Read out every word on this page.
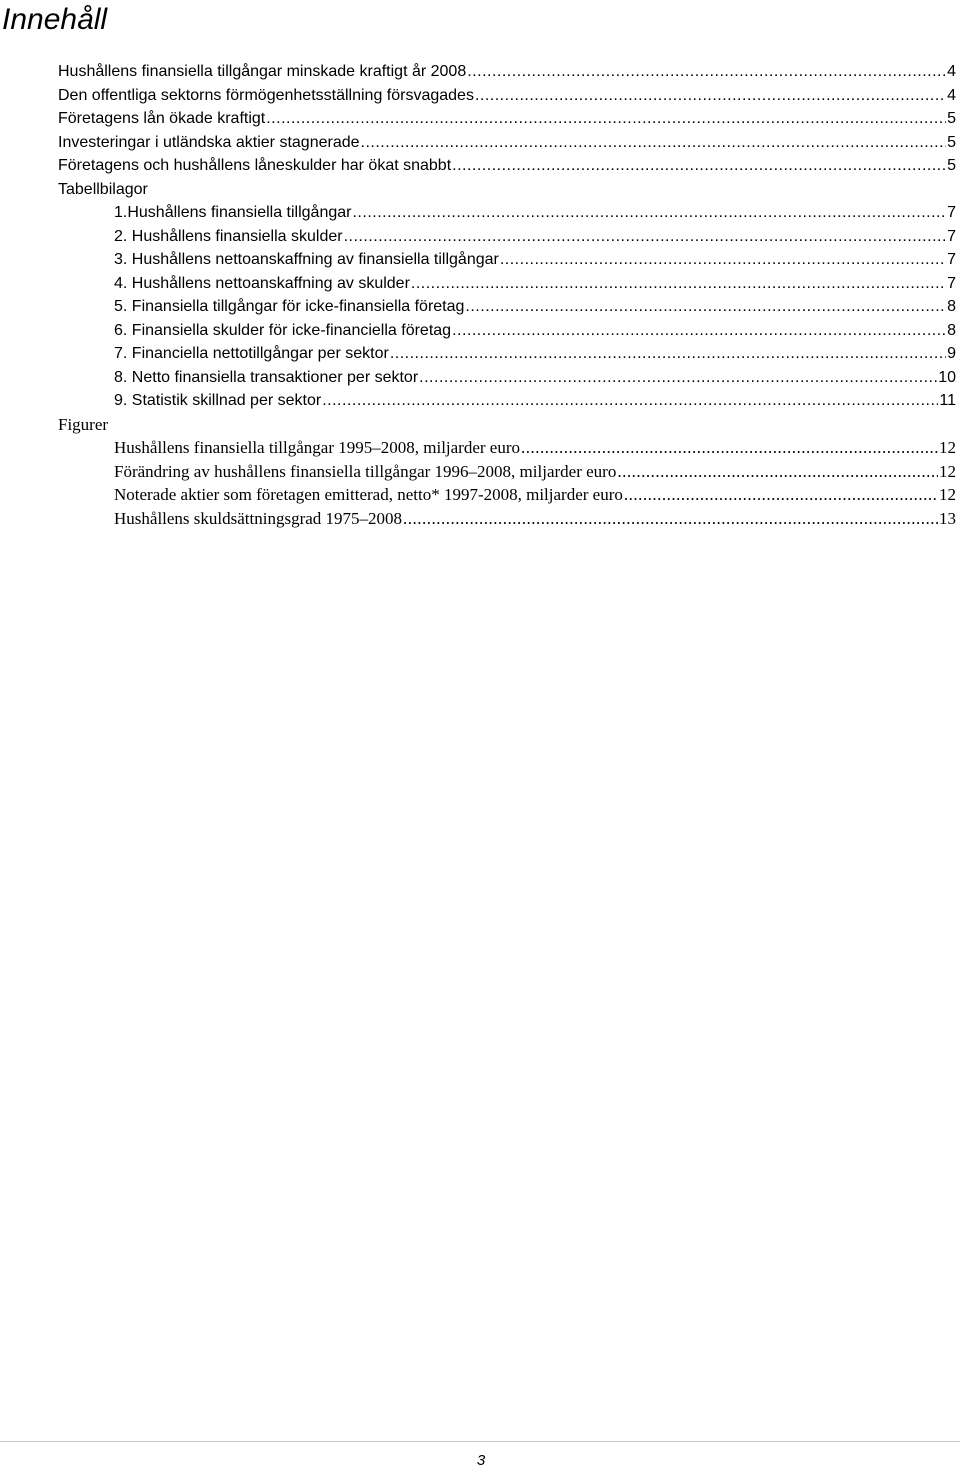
Innehåll
Hushållens finansiella tillgångar minskade kraftigt år 2008 .....	4
Den offentliga sektorns förmögenhetsställning försvagades .....	4
Företagens lån ökade kraftigt .....	5
Investeringar i utländska aktier stagnerade .....	5
Företagens och hushållens låneskulder har ökat snabbt .....	5
Tabellbilagor
1.Hushållens finansiella tillgångar .....	7
2. Hushållens finansiella skulder .....	7
3. Hushållens nettoanskaffning av finansiella tillgångar .....	7
4. Hushållens nettoanskaffning av skulder .....	7
5. Finansiella tillgångar för icke-finansiella företag .....	8
6. Finansiella skulder för icke-financiella företag .....	8
7. Financiella nettotillgångar per sektor .....	9
8. Netto finansiella transaktioner per sektor .....	10
9. Statistik skillnad per sektor .....	11
Figurer
Hushållens finansiella tillgångar 1995–2008, miljarder euro .....	12
Förändring av hushållens finansiella tillgångar 1996–2008, miljarder euro .....	12
Noterade aktier som företagen emitterad, netto* 1997-2008, miljarder euro .....	12
Hushållens skuldsättningsgrad 1975–2008 .....	13
3
